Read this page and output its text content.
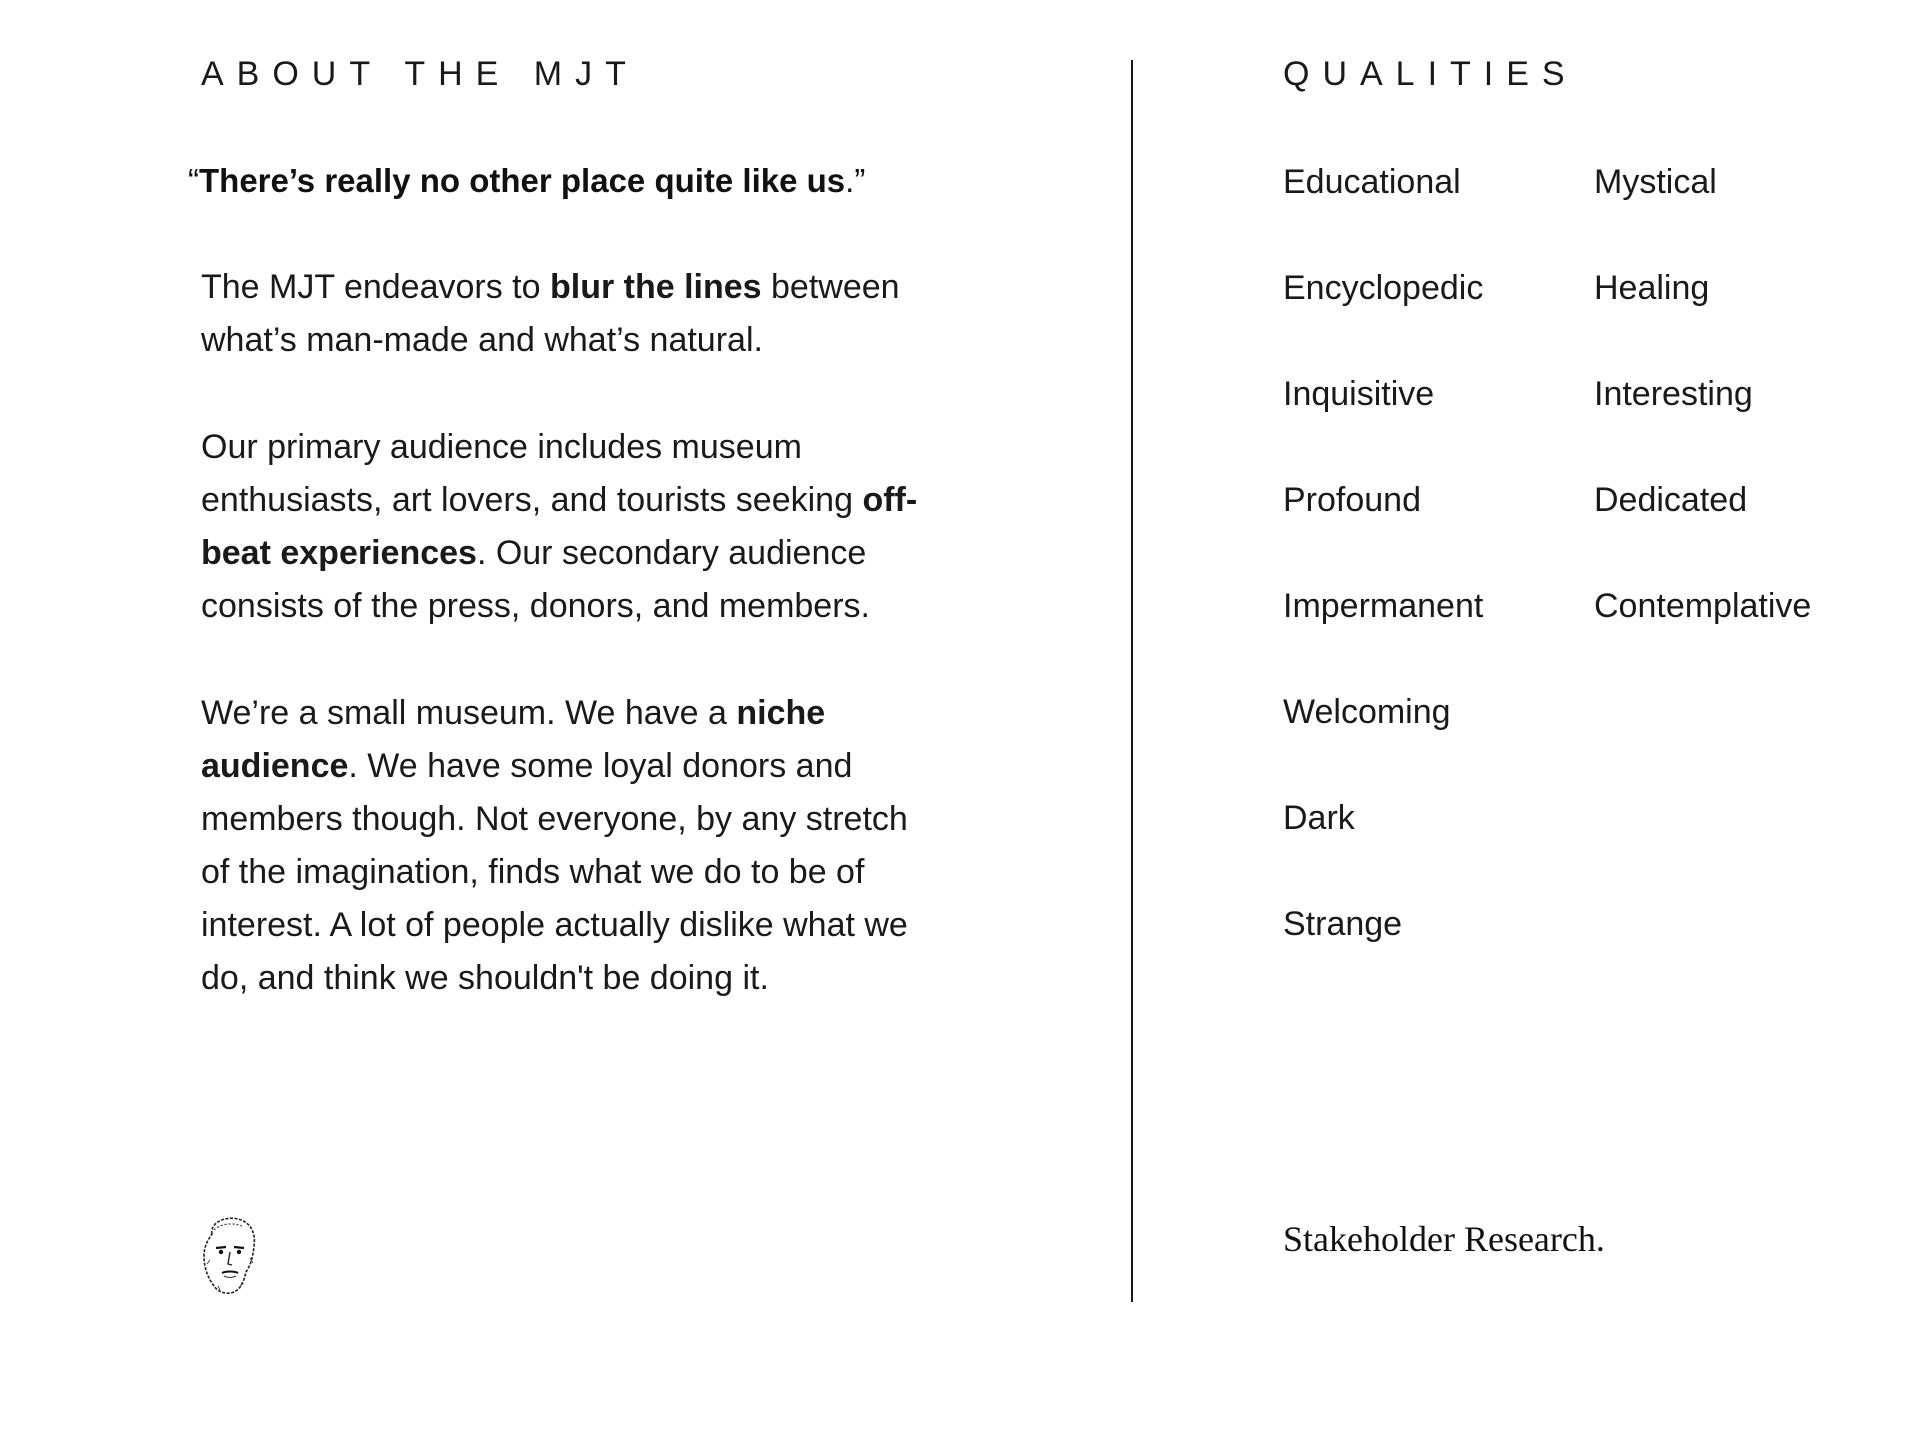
ABOUT THE MJT
“There’s really no other place quite like us.”
The MJT endeavors to blur the lines between what’s man-made and what’s natural.
Our primary audience includes museum enthusiasts, art lovers, and tourists seeking off-beat experiences. Our secondary audience consists of the press, donors, and members.
We’re a small museum. We have a niche audience. We have some loyal donors and members though. Not everyone, by any stretch of the imagination, finds what we do to be of interest. A lot of people actually dislike what we do, and think we shouldn't be doing it.
QUALITIES
Educational
Encyclopedic
Inquisitive
Profound
Impermanent
Welcoming
Dark
Strange
Mystical
Healing
Interesting
Dedicated
Contemplative
Stakeholder Research.
